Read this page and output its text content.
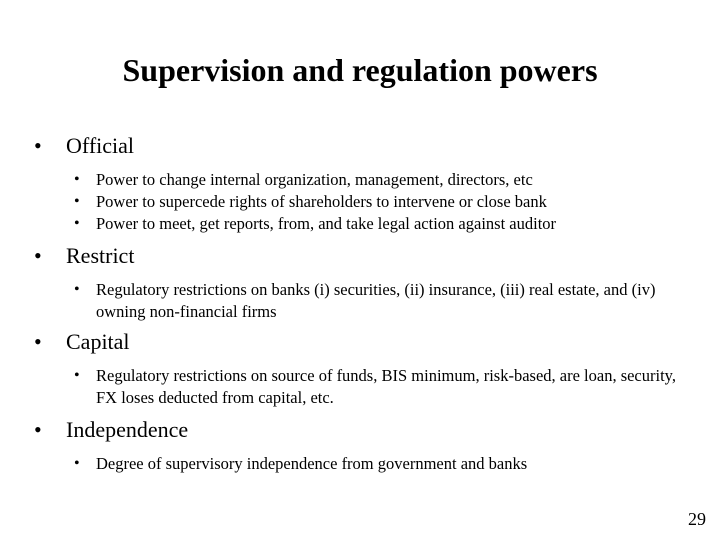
Supervision and regulation powers
• Official
• Power to change internal organization, management, directors, etc
• Power to supercede rights of shareholders to intervene or close bank
• Power to meet, get reports, from, and take legal action against auditor
• Restrict
• Regulatory restrictions on banks (i) securities, (ii) insurance, (iii) real estate, and (iv) owning non-financial firms
• Capital
• Regulatory restrictions on source of funds, BIS minimum, risk-based, are loan, security, FX loses deducted from capital, etc.
• Independence
• Degree of supervisory independence from government and banks
29
